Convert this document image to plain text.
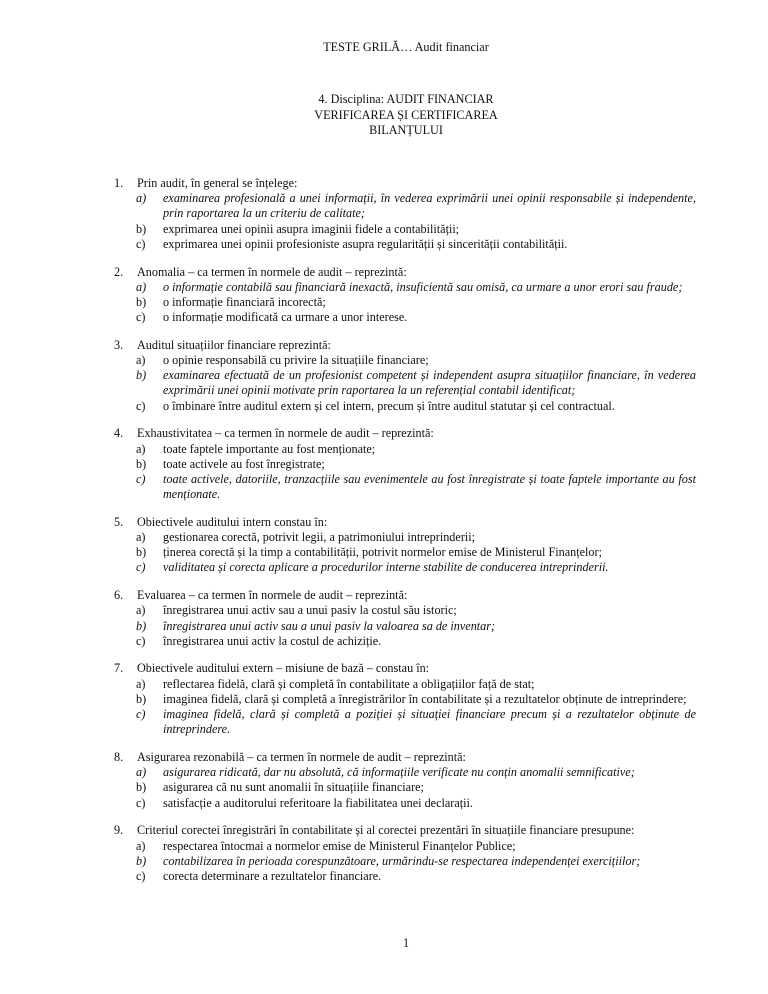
TESTE GRILĂ… Audit financiar
4. Disciplina: AUDIT FINANCIAR
VERIFICAREA ȘI CERTIFICAREA
BILANȚULUI
1. Prin audit, în general se înțelege:
a) examinarea profesională a unei informații, în vederea exprimării unei opinii responsabile și independente, prin raportarea la un criteriu de calitate;
b) exprimarea unei opinii asupra imaginii fidele a contabilității;
c) exprimarea unei opinii profesioniste asupra regularității și sincerității contabilității.
2. Anomalia – ca termen în normele de audit – reprezintă:
a) o informație contabilă sau financiară inexactă, insuficientă sau omisă, ca urmare a unor erori sau fraude;
b) o informație financiară incorectă;
c) o informație modificată ca urmare a unor interese.
3. Auditul situațiilor financiare reprezintă:
a) o opinie responsabilă cu privire la situațiile financiare;
b) examinarea efectuată de un profesionist competent și independent asupra situațiilor financiare, în vederea exprimării unei opinii motivate prin raportarea la un referențial contabil identificat;
c) o îmbinare între auditul extern și cel intern, precum și între auditul statutar și cel contractual.
4. Exhaustivitatea – ca termen în normele de audit – reprezintă:
a) toate faptele importante au fost menționate;
b) toate activele au fost înregistrate;
c) toate activele, datoriile, tranzacțiile sau evenimentele au fost înregistrate și toate faptele importante au fost menționate.
5. Obiectivele auditului intern constau în:
a) gestionarea corectă, potrivit legii, a patrimoniului intreprinderii;
b) ținerea corectă și la timp a contabilității, potrivit normelor emise de Ministerul Finanțelor;
c) validitatea și corecta aplicare a procedurilor interne stabilite de conducerea intreprinderii.
6. Evaluarea – ca termen în normele de audit – reprezintă:
a) înregistrarea unui activ sau a unui pasiv la costul său istoric;
b) înregistrarea unui activ sau a unui pasiv la valoarea sa de inventar;
c) înregistrarea unui activ la costul de achiziție.
7. Obiectivele auditului extern – misiune de bază – constau în:
a) reflectarea fidelă, clară și completă în contabilitate a obligațiilor față de stat;
b) imaginea fidelă, clară și completă a înregistrărilor în contabilitate și a rezultatelor obținute de intreprindere;
c) imaginea fidelă, clară și completă a poziției și situației financiare precum și a rezultatelor obținute de intreprindere.
8. Asigurarea rezonabilă – ca termen în normele de audit – reprezintă:
a) asigurarea ridicată, dar nu absolută, că informațiile verificate nu conțin anomalii semnificative;
b) asigurarea că nu sunt anomalii în situațiile financiare;
c) satisfacție a auditorului referitoare la fiabilitatea unei declarații.
9. Criteriul corectei înregistrări în contabilitate și al corectei prezentări în situațiile financiare presupune:
a) respectarea întocmai a normelor emise de Ministerul Finanțelor Publice;
b) contabilizarea în perioada corespunzătoare, urmărindu-se respectarea independenței exercițiilor;
c) corecta determinare a rezultatelor financiare.
1
